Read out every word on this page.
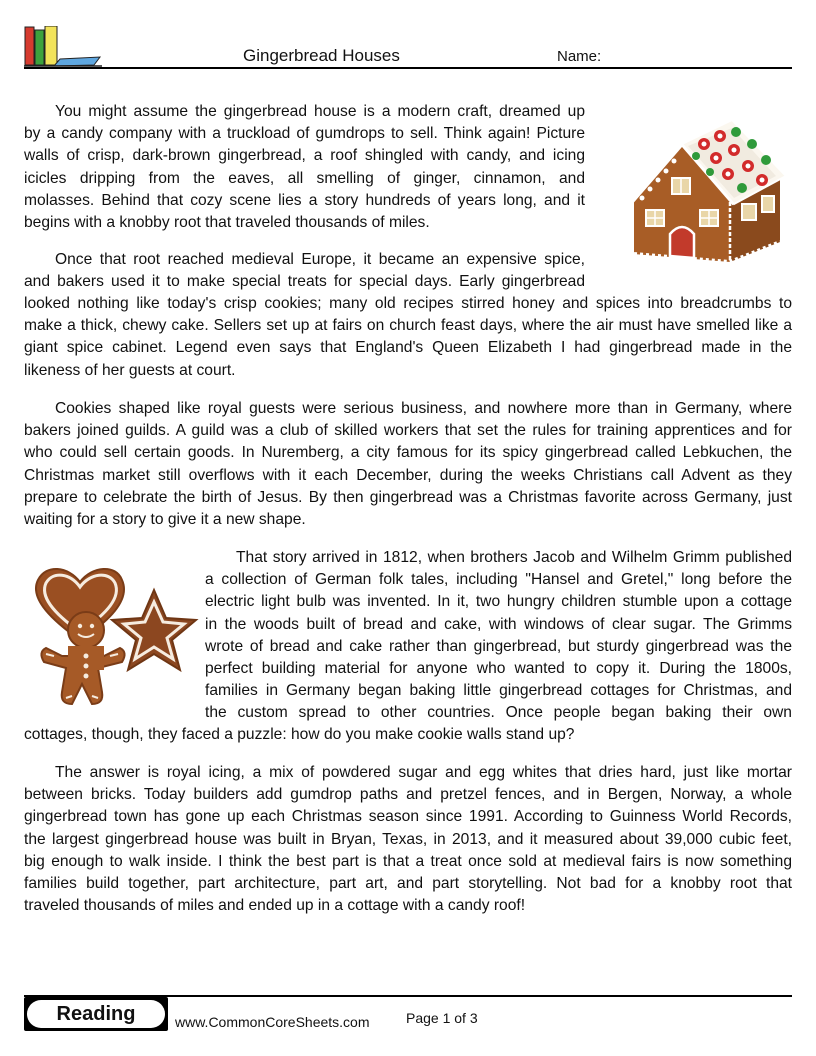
Gingerbread Houses	Name:
You might assume the gingerbread house is a modern craft, dreamed up
by a candy company with a truckload of gumdrops to sell. Think again! Picture
walls of crisp, dark-brown gingerbread, a roof shingled with candy, and icing
icicles dripping from the eaves, all smelling of ginger, cinnamon, and
molasses. Behind that cozy scene lies a story hundreds of years long, and it
begins with a knobby root that traveled thousands of miles.
Once that root reached medieval Europe, it became an expensive spice,
and bakers used it to make special treats for special days. Early gingerbread
looked nothing like today's crisp cookies; many old recipes stirred honey and spices into breadcrumbs to
make a thick, chewy cake. Sellers set up at fairs on church feast days, where the air must have smelled like a
giant spice cabinet. Legend even says that England's Queen Elizabeth I had gingerbread made in the
likeness of her guests at court.
Cookies shaped like royal guests were serious business, and nowhere more than in Germany, where
bakers joined guilds. A guild was a club of skilled workers that set the rules for training apprentices and for
who could sell certain goods. In Nuremberg, a city famous for its spicy gingerbread called Lebkuchen, the
Christmas market still overflows with it each December, during the weeks Christians call Advent as they
prepare to celebrate the birth of Jesus. By then gingerbread was a Christmas favorite across Germany, just
waiting for a story to give it a new shape.
That story arrived in 1812, when brothers Jacob and Wilhelm Grimm published
a collection of German folk tales, including "Hansel and Gretel," long before the
electric light bulb was invented. In it, two hungry children stumble upon a cottage
in the woods built of bread and cake, with windows of clear sugar. The Grimms
wrote of bread and cake rather than gingerbread, but sturdy gingerbread was the
perfect building material for anyone who wanted to copy it. During the 1800s,
families in Germany began baking little gingerbread cottages for Christmas, and
the custom spread to other countries. Once people began baking their own
cottages, though, they faced a puzzle: how do you make cookie walls stand up?
The answer is royal icing, a mix of powdered sugar and egg whites that dries hard, just like mortar
between bricks. Today builders add gumdrop paths and pretzel fences, and in Bergen, Norway, a whole
gingerbread town has gone up each Christmas season since 1991. According to Guinness World Records,
the largest gingerbread house was built in Bryan, Texas, in 2013, and it measured about 39,000 cubic feet,
big enough to walk inside. I think the best part is that a treat once sold at medieval fairs is now something
families build together, part architecture, part art, and part storytelling. Not bad for a knobby root that
traveled thousands of miles and ended up in a cottage with a candy roof!
Reading	www.CommonCoreSheets.com	Page 1 of 3
